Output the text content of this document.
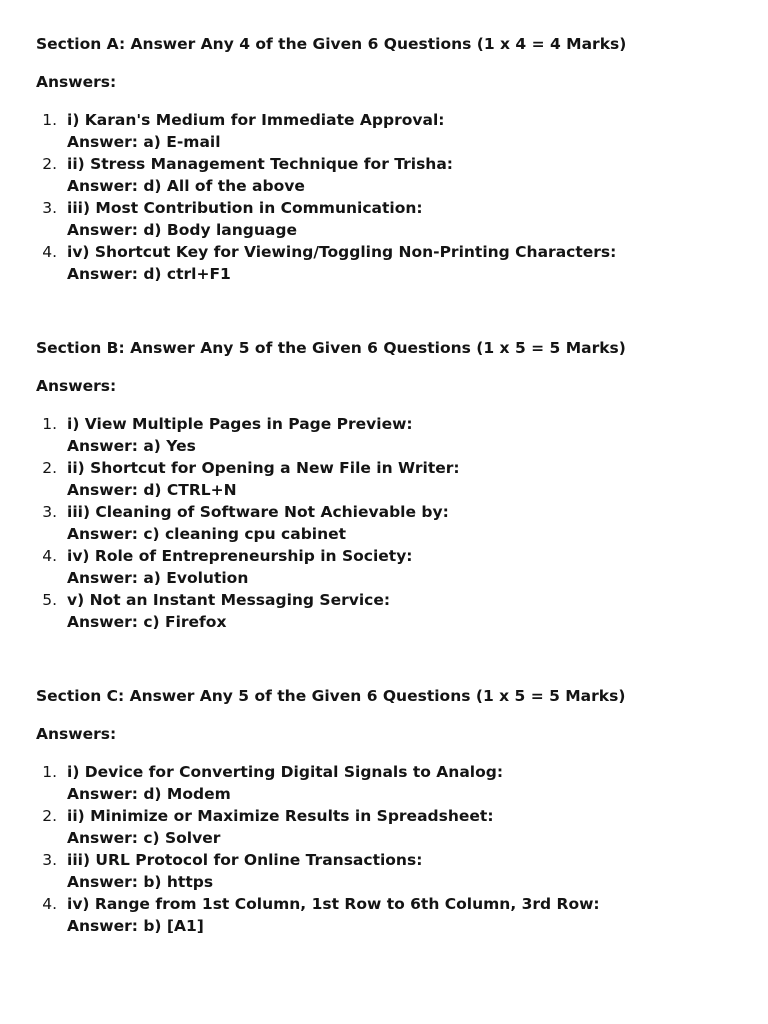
Section A: Answer Any 4 of the Given 6 Questions (1 x 4 = 4 Marks)
Answers:
1. i) Karan's Medium for Immediate Approval:
Answer: a) E-mail
2. ii) Stress Management Technique for Trisha:
Answer: d) All of the above
3. iii) Most Contribution in Communication:
Answer: d) Body language
4. iv) Shortcut Key for Viewing/Toggling Non-Printing Characters:
Answer: d) ctrl+F1
Section B: Answer Any 5 of the Given 6 Questions (1 x 5 = 5 Marks)
Answers:
1. i) View Multiple Pages in Page Preview:
Answer: a) Yes
2. ii) Shortcut for Opening a New File in Writer:
Answer: d) CTRL+N
3. iii) Cleaning of Software Not Achievable by:
Answer: c) cleaning cpu cabinet
4. iv) Role of Entrepreneurship in Society:
Answer: a) Evolution
5. v) Not an Instant Messaging Service:
Answer: c) Firefox
Section C: Answer Any 5 of the Given 6 Questions (1 x 5 = 5 Marks)
Answers:
1. i) Device for Converting Digital Signals to Analog:
Answer: d) Modem
2. ii) Minimize or Maximize Results in Spreadsheet:
Answer: c) Solver
3. iii) URL Protocol for Online Transactions:
Answer: b) https
4. iv) Range from 1st Column, 1st Row to 6th Column, 3rd Row:
Answer: b) [A1]
